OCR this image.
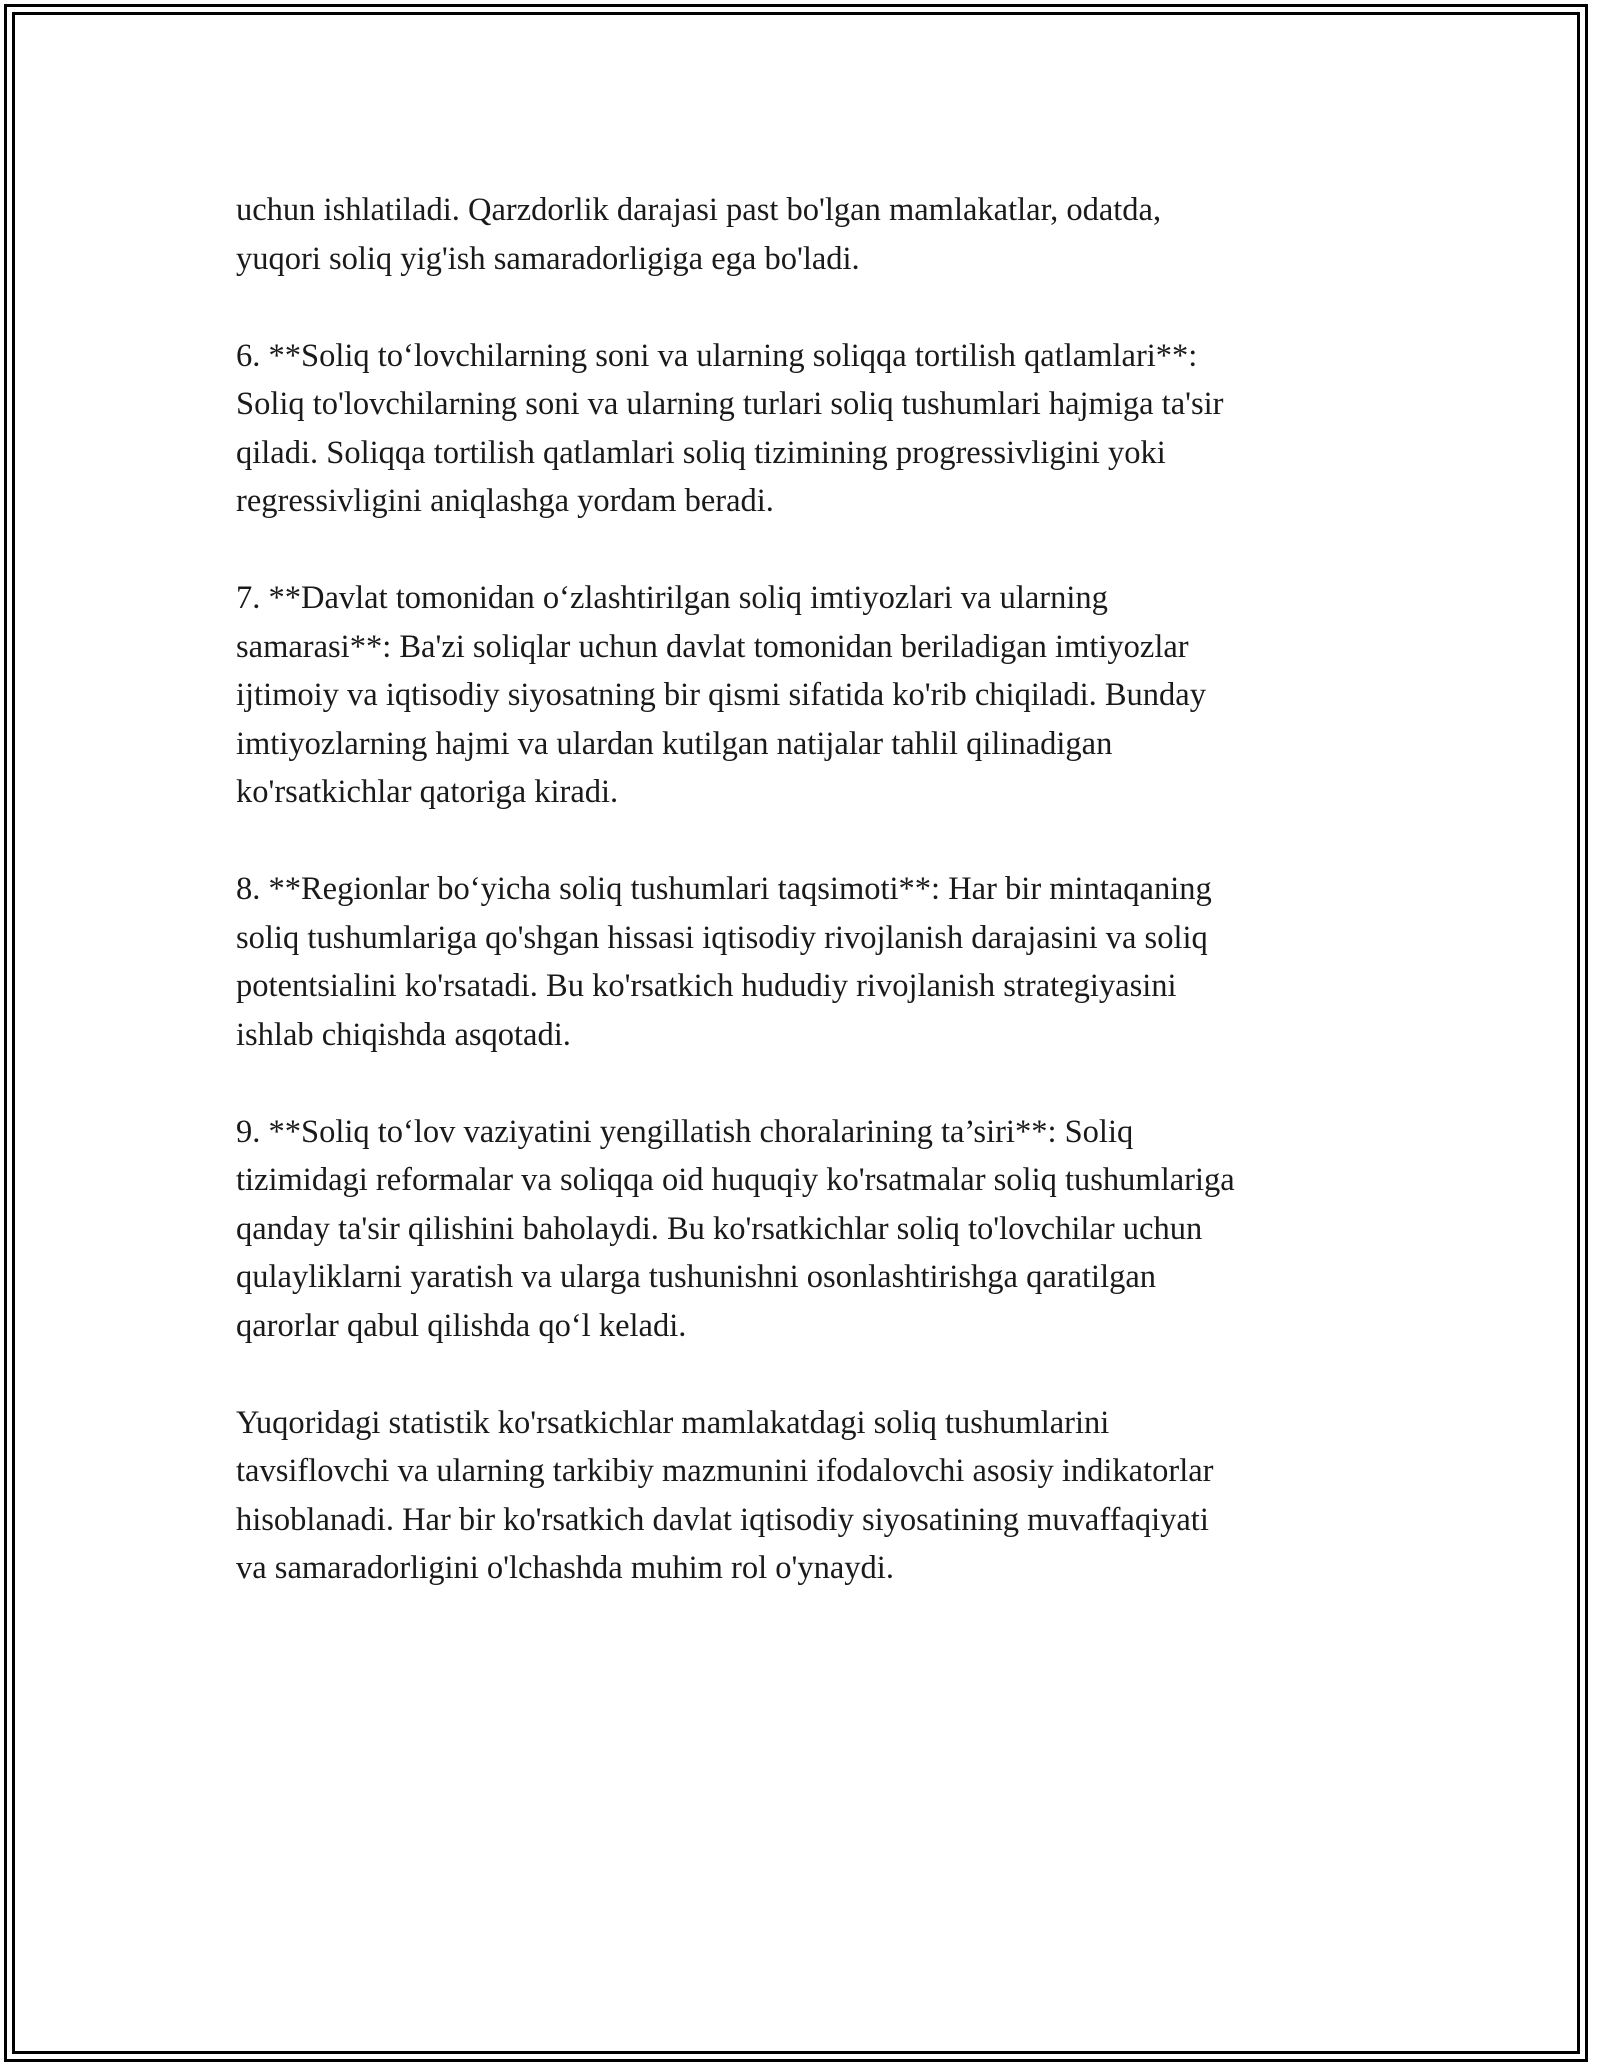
uchun ishlatiladi. Qarzdorlik darajasi past bo'lgan mamlakatlar, odatda,
yuqori soliq yig'ish samaradorligiga ega bo'ladi.
6. **Soliq to‘lovchilarning soni va ularning soliqqa tortilish qatlamlari**:
Soliq to'lovchilarning soni va ularning turlari soliq tushumlari hajmiga ta'sir
qiladi. Soliqqa tortilish qatlamlari soliq tizimining progressivligini yoki
regressivligini aniqlashga yordam beradi.
7. **Davlat tomonidan o‘zlashtirilgan soliq imtiyozlari va ularning
samarasi**: Ba'zi soliqlar uchun davlat tomonidan beriladigan imtiyozlar
ijtimoiy va iqtisodiy siyosatning bir qismi sifatida ko'rib chiqiladi. Bunday
imtiyozlarning hajmi va ulardan kutilgan natijalar tahlil qilinadigan
ko'rsatkichlar qatoriga kiradi.
8. **Regionlar bo‘yicha soliq tushumlari taqsimoti**: Har bir mintaqaning
soliq tushumlariga qo'shgan hissasi iqtisodiy rivojlanish darajasini va soliq
potentsialini ko'rsatadi. Bu ko'rsatkich hududiy rivojlanish strategiyasini
ishlab chiqishda asqotadi.
9. **Soliq to‘lov vaziyatini yengillatish choralarining ta’siri**: Soliq
tizimidagi reformalar va soliqqa oid huquqiy ko'rsatmalar soliq tushumlariga
qanday ta'sir qilishini baholaydi. Bu ko'rsatkichlar soliq to'lovchilar uchun
qulayliklarni yaratish va ularga tushunishni osonlashtirishga qaratilgan
qarorlar qabul qilishda qo‘l keladi.
Yuqoridagi statistik ko'rsatkichlar mamlakatdagi soliq tushumlarini
tavsiflovchi va ularning tarkibiy mazmunini ifodalovchi asosiy indikatorlar
hisoblanadi. Har bir ko'rsatkich davlat iqtisodiy siyosatining muvaffaqiyati
va samaradorligini o'lchashda muhim rol o'ynaydi.
